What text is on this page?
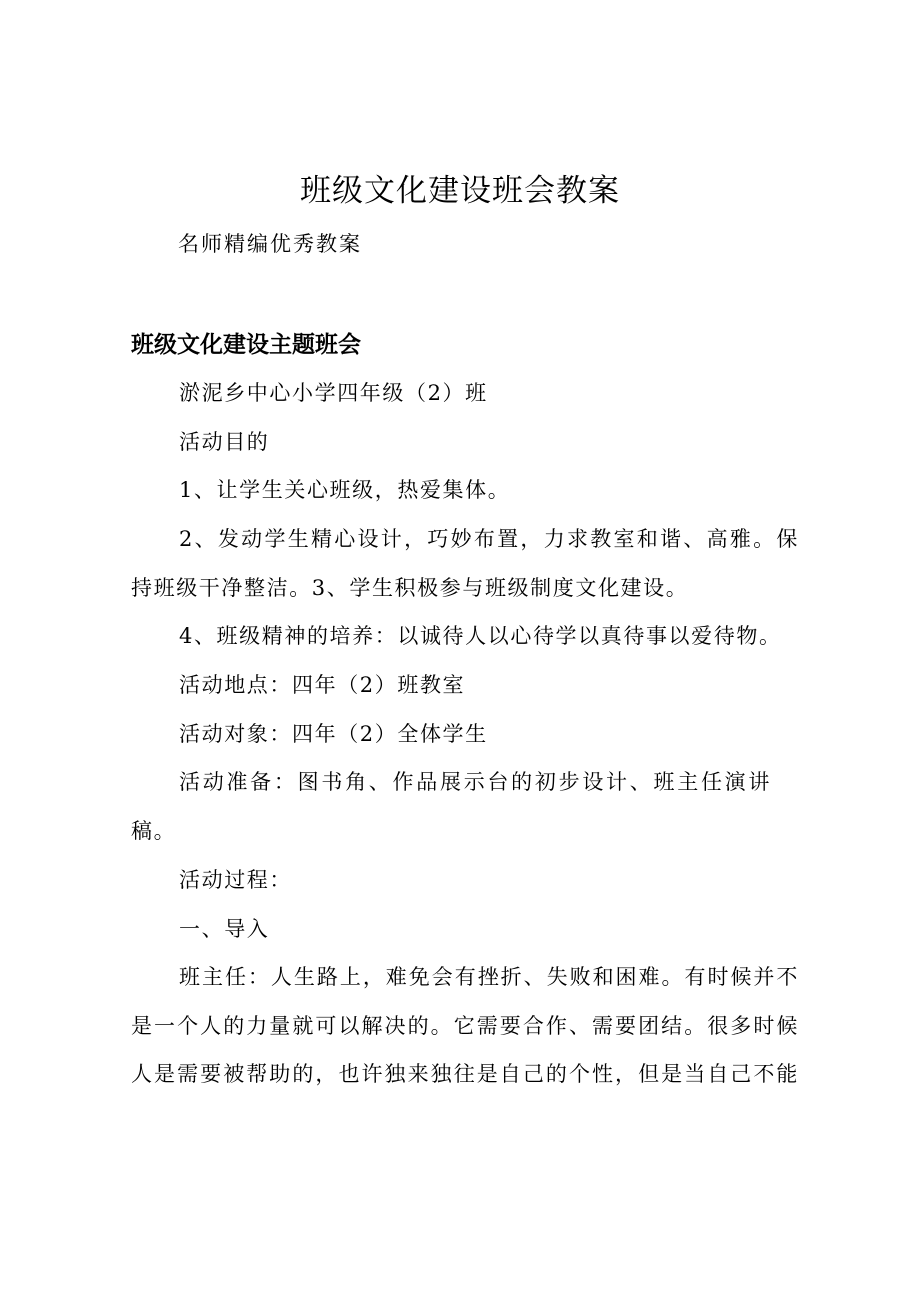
班级文化建设班会教案

名师精编优秀教案

班级文化建设主题班会

淤泥乡中心小学四年级（2）班

活动目的

1、让学生关心班级，热爱集体。

2、发动学生精心设计，巧妙布置，力求教室和谐、高雅。保持班级干净整洁。3、学生积极参与班级制度文化建设。

4、班级精神的培养：以诚待人以心待学以真待事以爱待物。

活动地点：四年（2）班教室

活动对象：四年（2）全体学生

活动准备：图书角、作品展示台的初步设计、班主任演讲稿。

活动过程：

一、导入

班主任：人生路上，难免会有挫折、失败和困难。有时候并不是一个人的力量就可以解决的。它需要合作、需要团结。很多时候人是需要被帮助的，也许独来独往是自己的个性，但是当自己不能
